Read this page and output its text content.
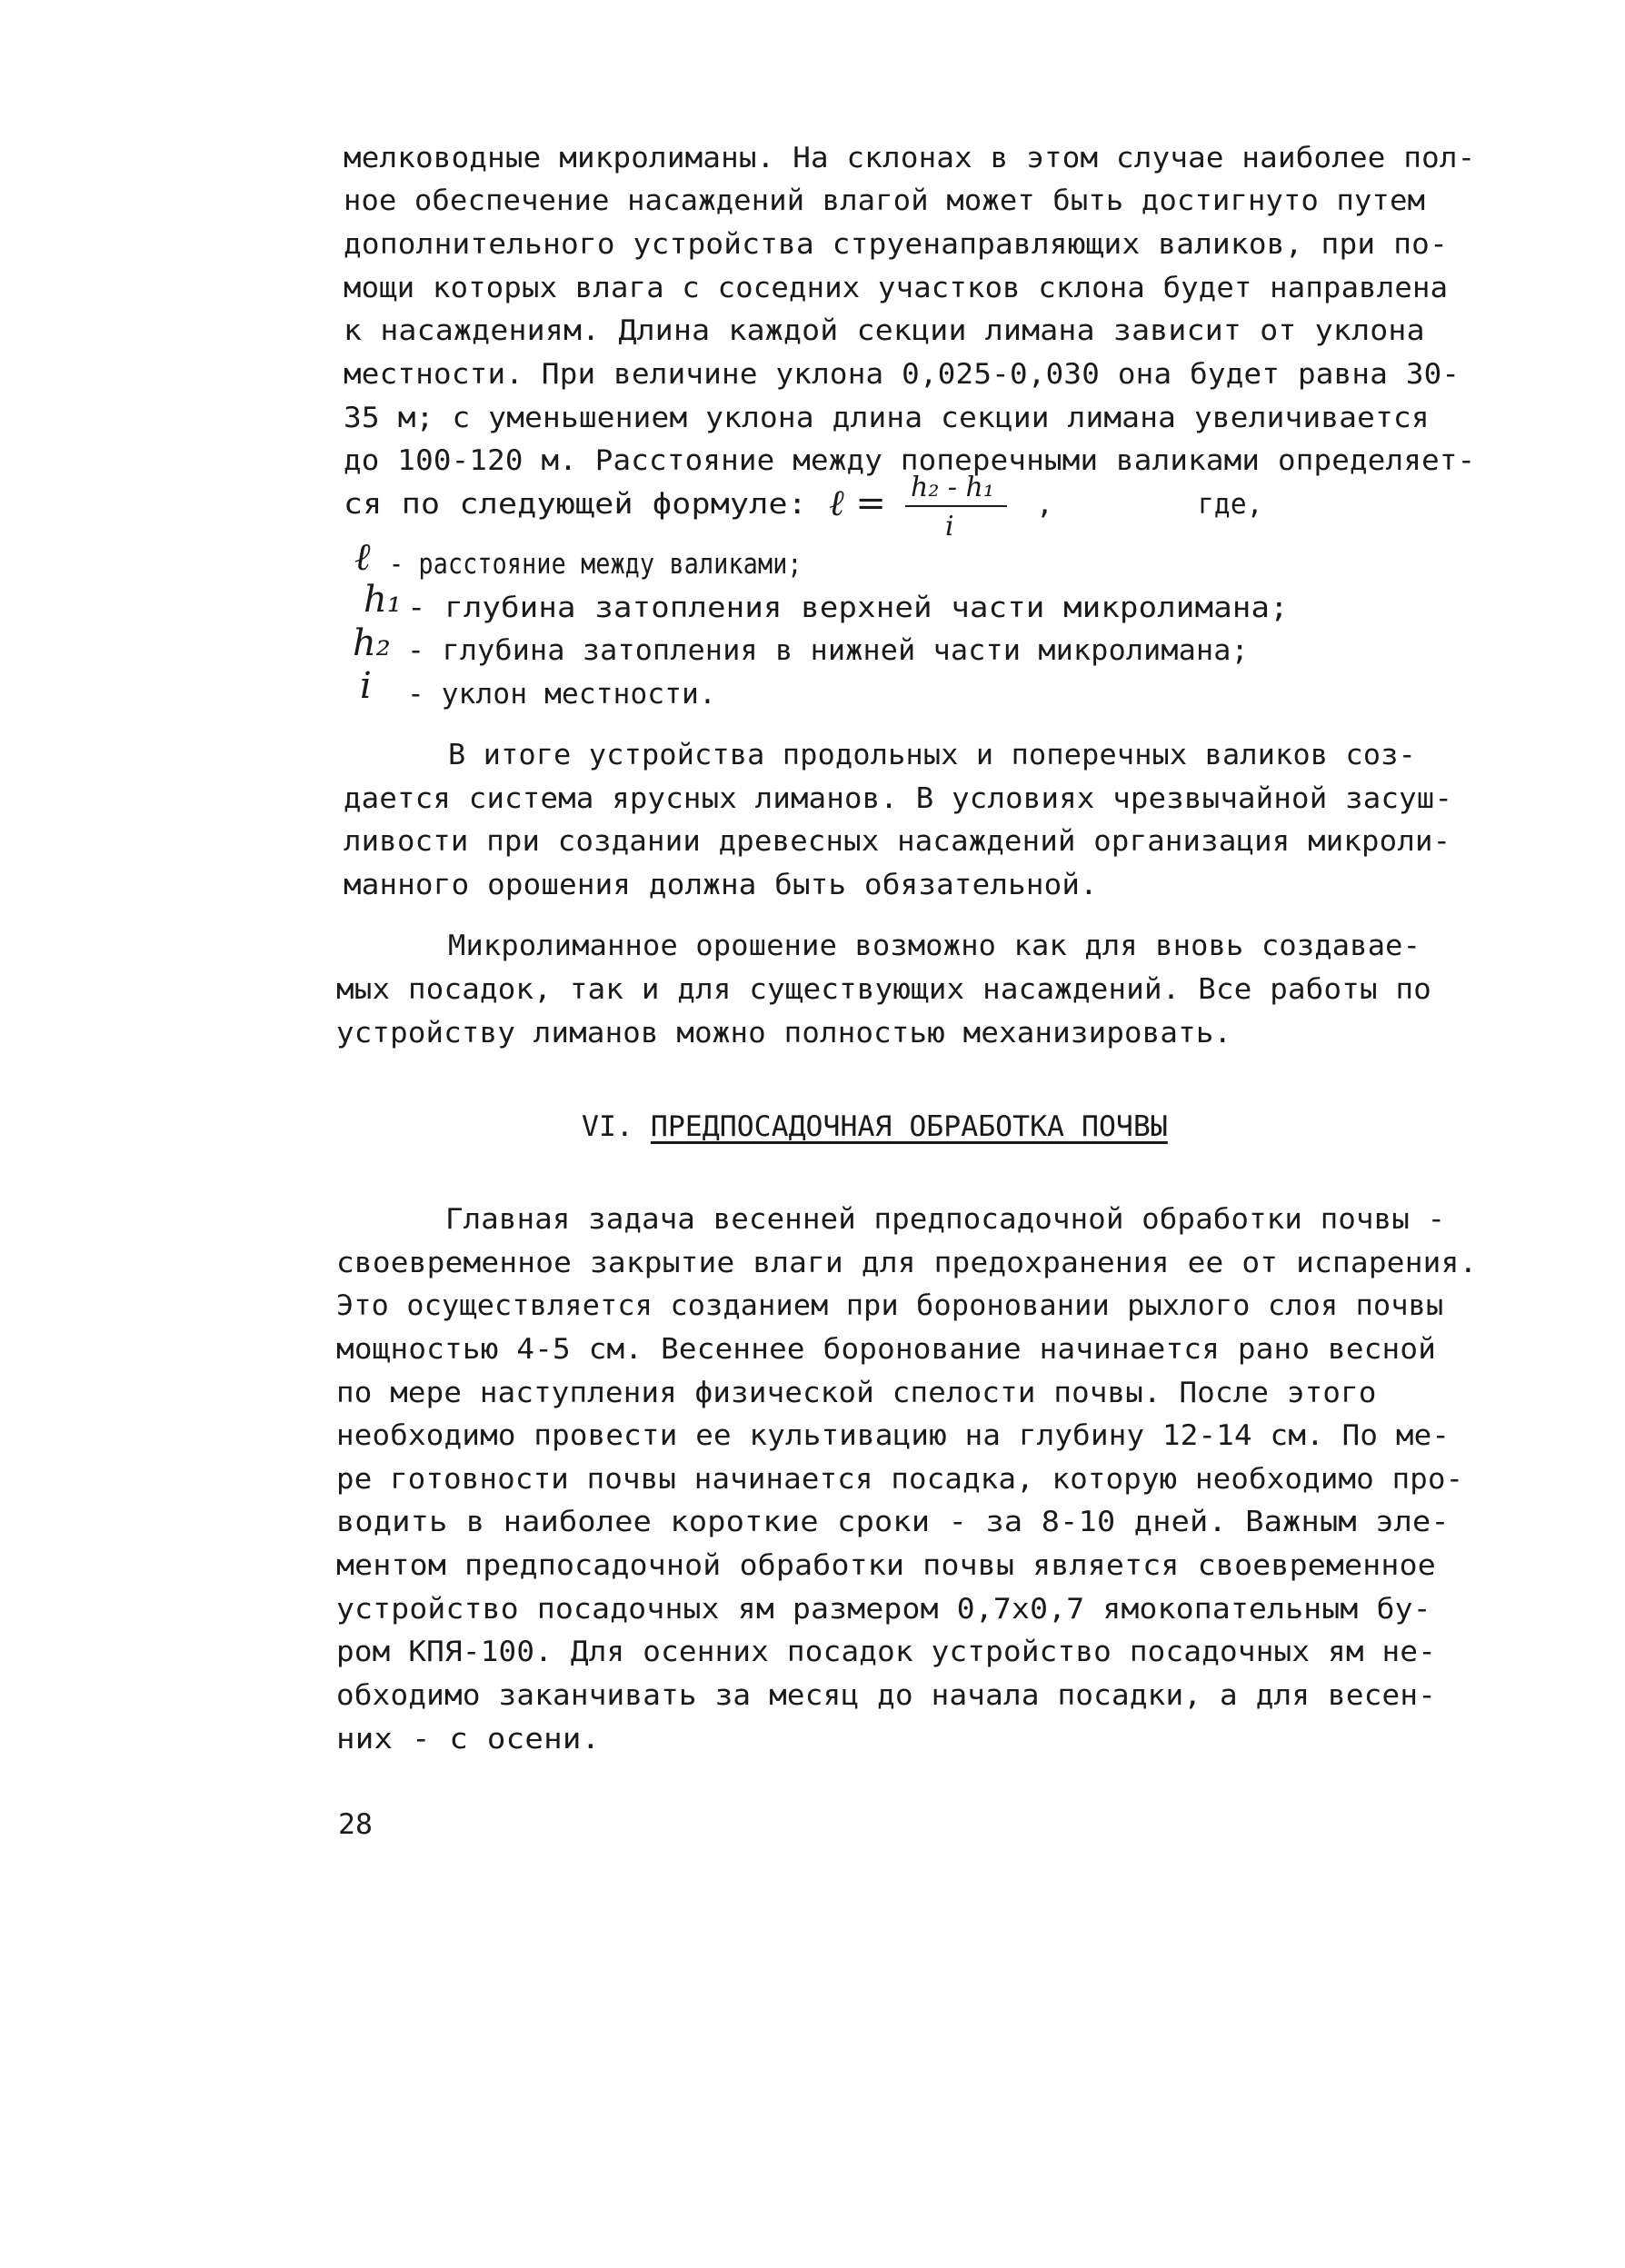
мелководные микролиманы. На склонах в этом случае наиболее пол-
ное обеспечение насаждений влагой может быть достигнуто путем
дополнительного устройства струенаправляющих валиков, при по-
мощи которых влага с соседних участков склона будет направлена
к насаждениям. Длина каждой секции лимана зависит от уклона
местности. При величине уклона 0,025-0,030 она будет равна 30-
35 м; с уменьшением уклона длина секции лимана увеличивается
до 100-120 м. Расстояние между поперечными валиками определяет-
ся по следующей формуле: ℓ = h₂ - h₁
i
,	где,
ℓ - расстояние между валиками;
h₁ - глубина затопления верхней части микролимана;
h₂ - глубина затопления в нижней части микролимана;
i - уклон местности.
В итоге устройства продольных и поперечных валиков соз-
дается система ярусных лиманов. В условиях чрезвычайной засуш-
ливости при создании древесных насаждений организация микроли-
манного орошения должна быть обязательной.
Микролиманное орошение возможно как для вновь создавае-
мых посадок, так и для существующих насаждений. Все работы по
устройству лиманов можно полностью механизировать.
VI. ПРЕДПОСАДОЧНАЯ ОБРАБОТКА ПОЧВЫ
Главная задача весенней предпосадочной обработки почвы -
своевременное закрытие влаги для предохранения ее от испарения.
Это осуществляется созданием при бороновании рыхлого слоя почвы
мощностью 4-5 см. Весеннее боронование начинается рано весной
по мере наступления физической спелости почвы. После этого
необходимо провести ее культивацию на глубину 12-14 см. По ме-
ре готовности почвы начинается посадка, которую необходимо про-
водить в наиболее короткие сроки - за 8-10 дней. Важным эле-
ментом предпосадочной обработки почвы является своевременное
устройство посадочных ям размером 0,7х0,7 ямокопательным бу-
ром КПЯ-100. Для осенних посадок устройство посадочных ям не-
обходимо заканчивать за месяц до начала посадки, а для весен-
них - с осени.
28
